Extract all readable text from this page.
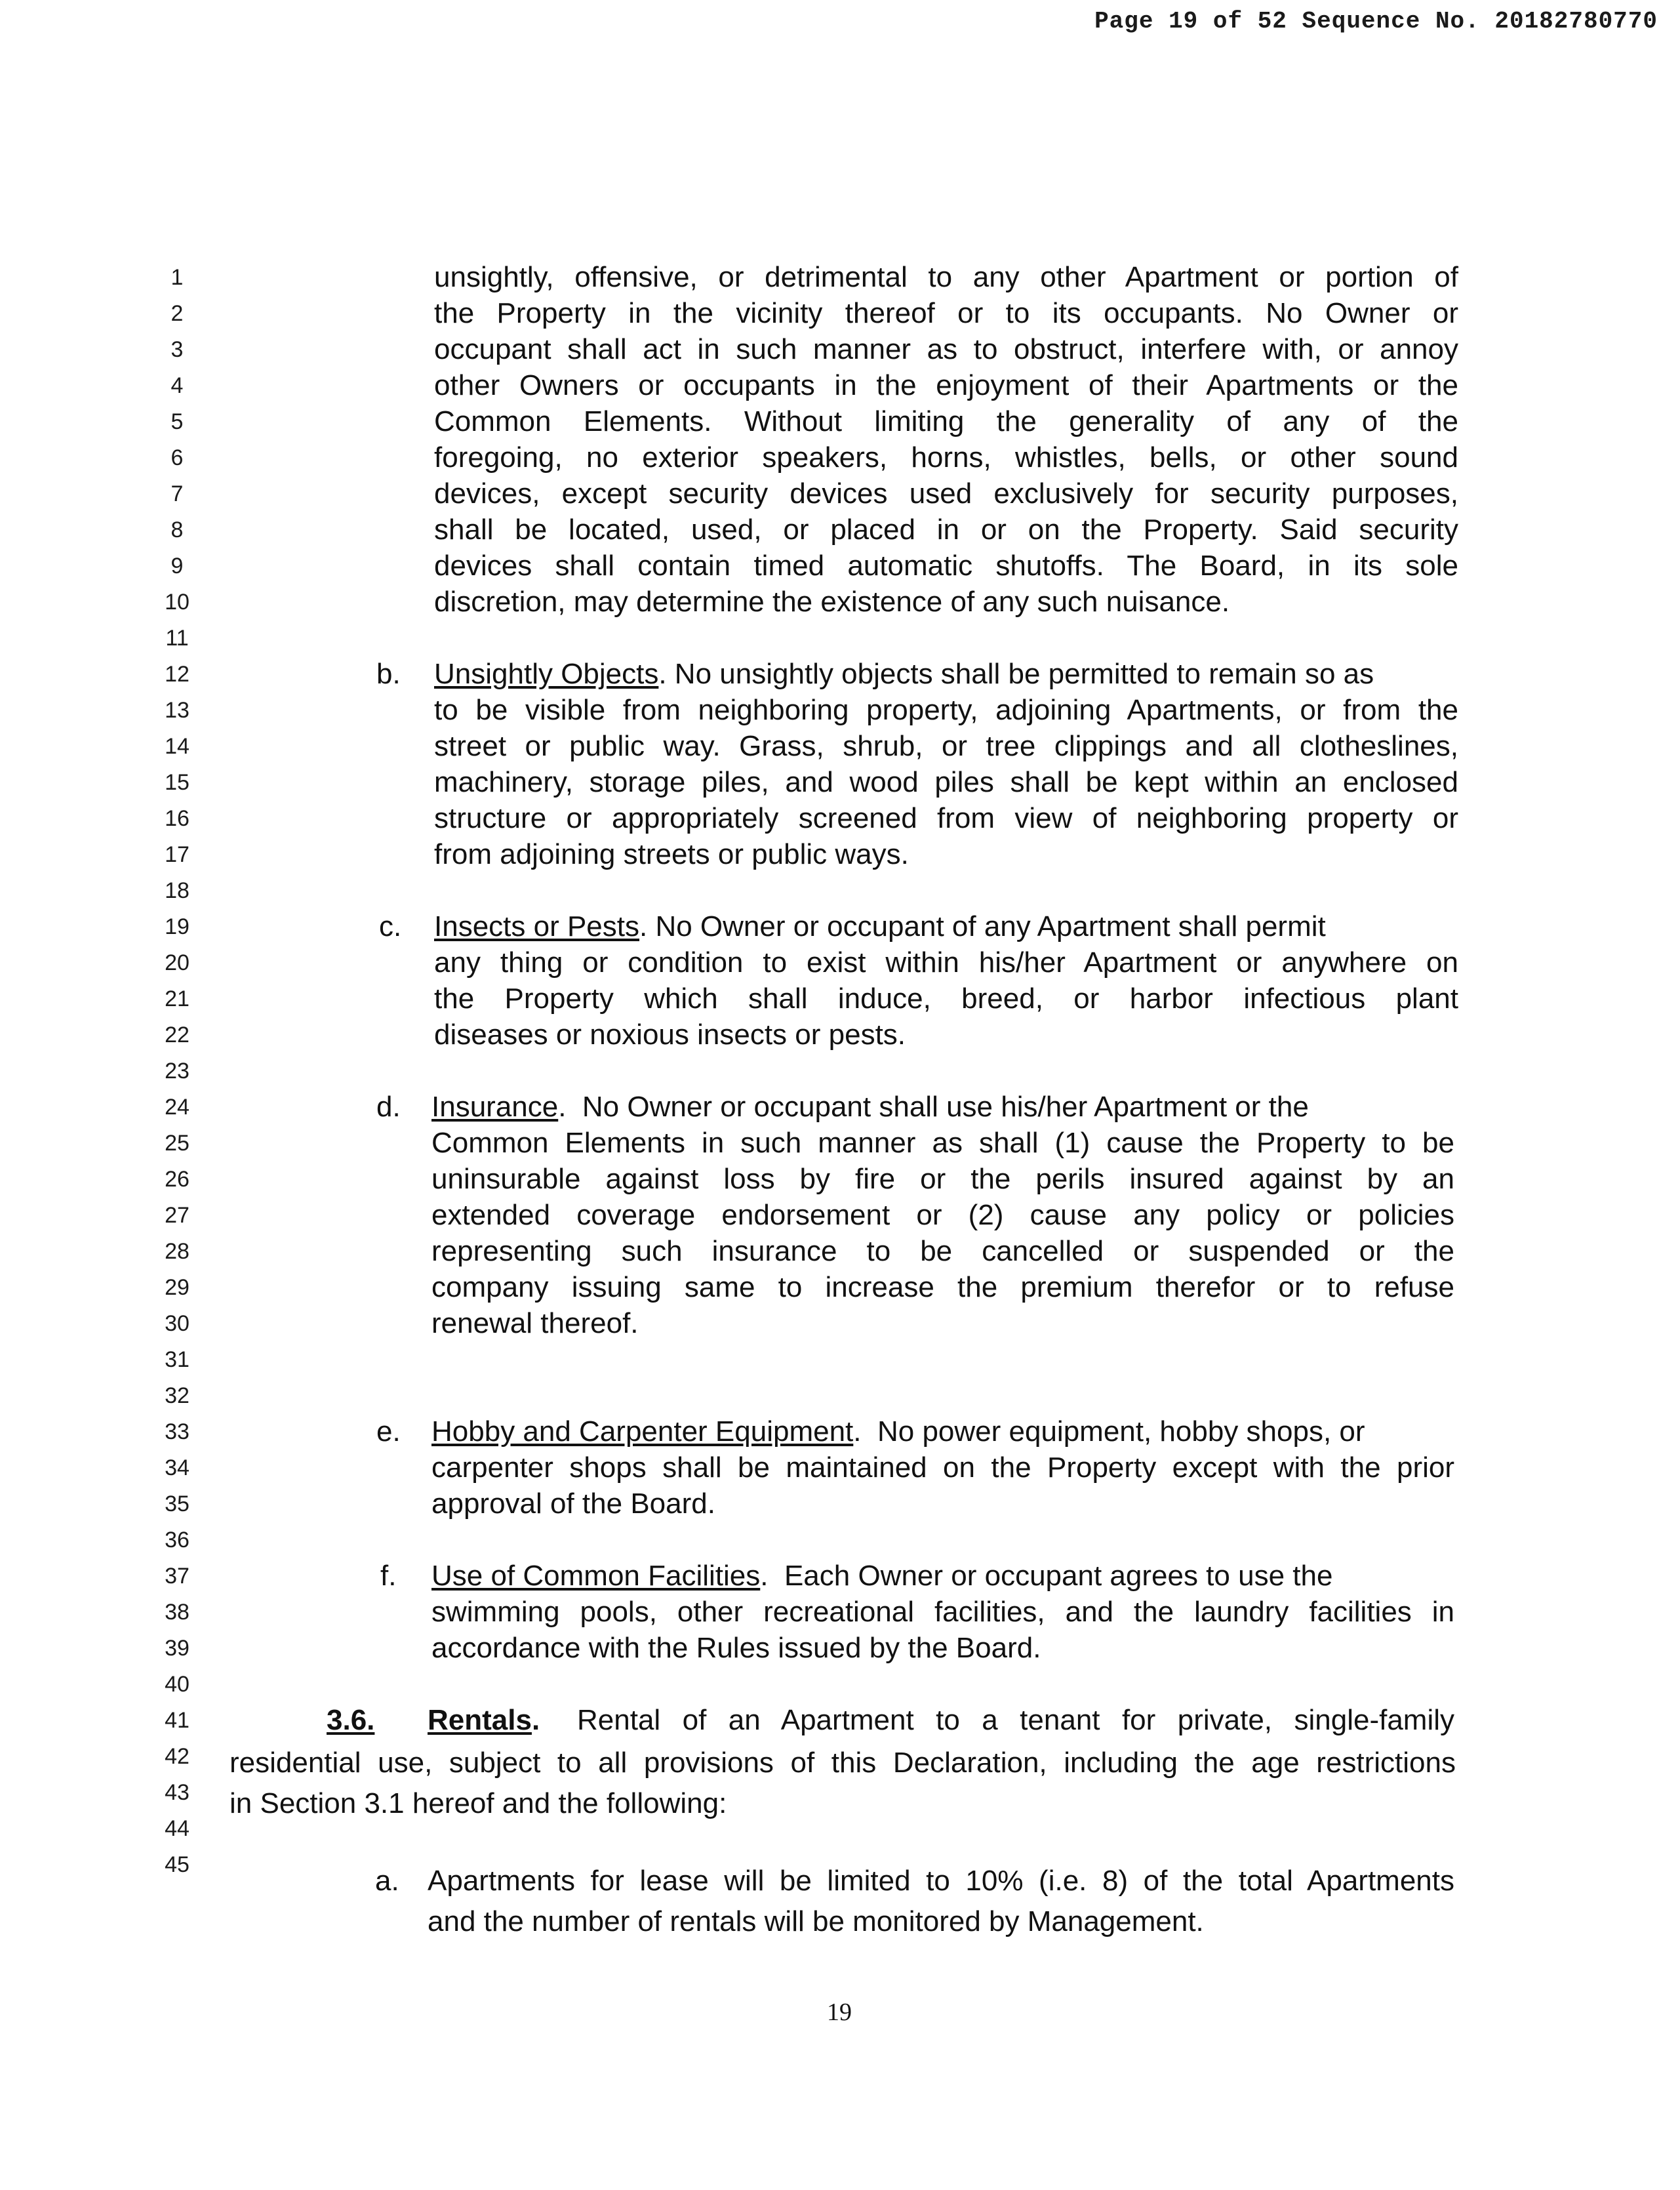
Page 19 of 52 Sequence No. 20182780770
1
2
3
4
5
6
7
8
9
10
11
12
13
14
15
16
17
18
19
20
21
22
23
24
25
26
27
28
29
30
31
32
33
34
35
36
37
38
39
40
41
42
43
44
45
unsightly, offensive, or detrimental to any other Apartment or portion of
the Property in the vicinity thereof or to its occupants. No Owner or
occupant shall act in such manner as to obstruct, interfere with, or annoy
other Owners or occupants in the enjoyment of their Apartments or the
Common Elements. Without limiting the generality of any of the
foregoing, no exterior speakers, horns, whistles, bells, or other sound
devices, except security devices used exclusively for security purposes,
shall be located, used, or placed in or on the Property. Said security
devices shall contain timed automatic shutoffs. The Board, in its sole
discretion, may determine the existence of any such nuisance.
b. Unsightly Objects. No unsightly objects shall be permitted to remain so as
to be visible from neighboring property, adjoining Apartments, or from the
street or public way. Grass, shrub, or tree clippings and all clotheslines,
machinery, storage piles, and wood piles shall be kept within an enclosed
structure or appropriately screened from view of neighboring property or
from adjoining streets or public ways.
c. Insects or Pests. No Owner or occupant of any Apartment shall permit
any thing or condition to exist within his/her Apartment or anywhere on
the Property which shall induce, breed, or harbor infectious plant
diseases or noxious insects or pests.
d. Insurance.  No Owner or occupant shall use his/her Apartment or the
Common Elements in such manner as shall (1) cause the Property to be
uninsurable against loss by fire or the perils insured against by an
extended coverage endorsement or (2) cause any policy or policies
representing such insurance to be cancelled or suspended or the
company issuing same to increase the premium therefor or to refuse
renewal thereof.
e. Hobby and Carpenter Equipment.  No power equipment, hobby shops, or
carpenter shops shall be maintained on the Property except with the prior
approval of the Board.
f. Use of Common Facilities.  Each Owner or occupant agrees to use the
swimming pools, other recreational facilities, and the laundry facilities in
accordance with the Rules issued by the Board.
3.6. Rentals. Rental of an Apartment to a tenant for private, single-family
residential use, subject to all provisions of this Declaration, including the age restrictions
in Section 3.1 hereof and the following:
a. Apartments for lease will be limited to 10% (i.e. 8) of the total Apartments
and the number of rentals will be monitored by Management.
19
